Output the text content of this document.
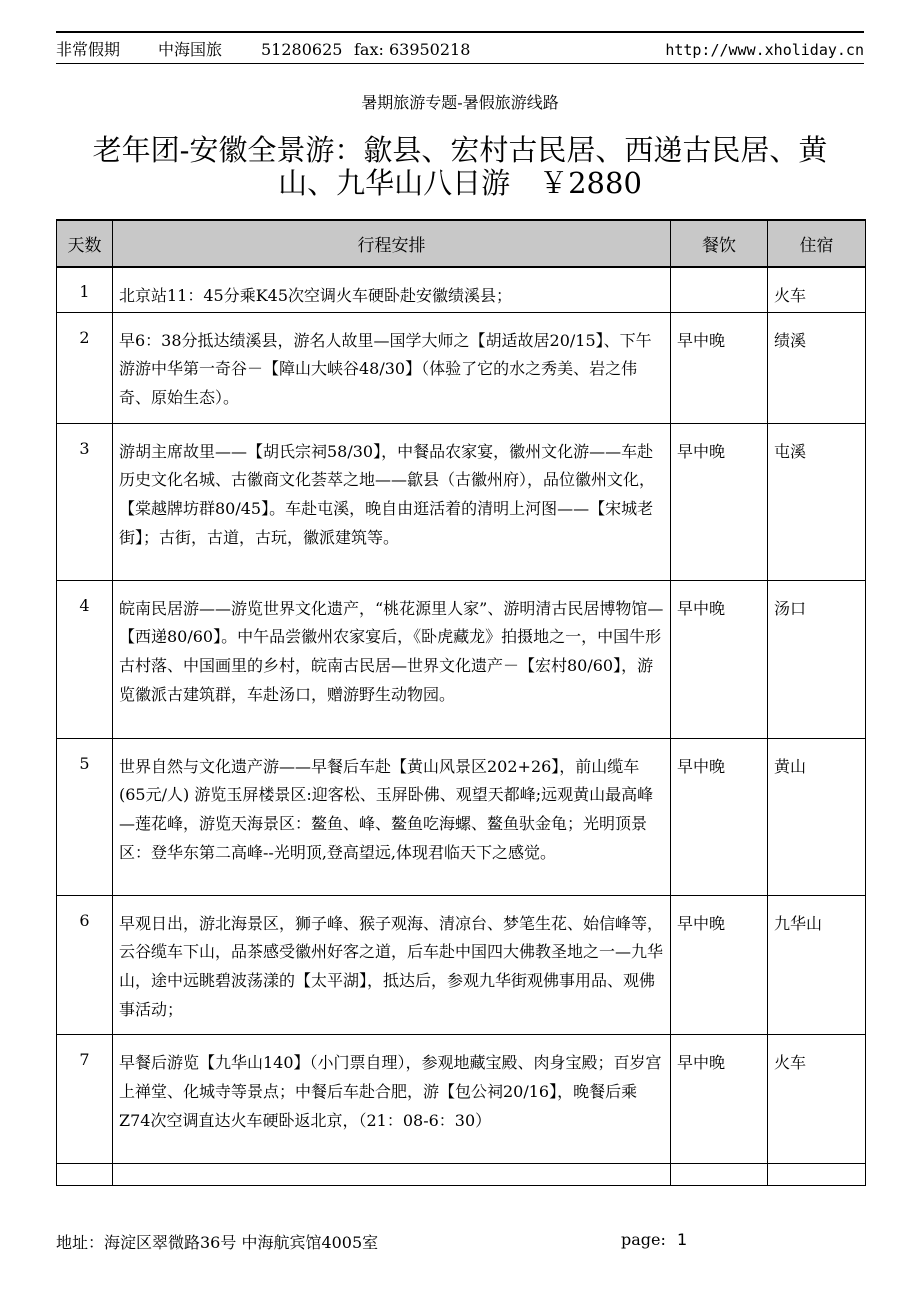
非常假期 中海国旅 51280625 fax: 63950218	http://www.xholiday.cn
暑期旅游专题-暑假旅游线路
老年团-安徽全景游：歙县、宏村古民居、西递古民居、黄
山、九华山八日游　￥2880
天数	行程安排	餐饮	住宿
1	北京站11：45分乘K45次空调火车硬卧赴安徽绩溪县；		火车
2	早6：38分抵达绩溪县，游名人故里—国学大师之【胡适故居20/15】、下午游游中华第一奇谷－【障山大峡谷48/30】（体验了它的水之秀美、岩之伟奇、原始生态）。	早中晚	绩溪
3	游胡主席故里——【胡氏宗祠58/30】，中餐品农家宴，徽州文化游——车赴历史文化名城、古徽商文化荟萃之地——歙县（古徽州府），品位徽州文化，【棠越牌坊群80/45】。车赴屯溪，晚自由逛活着的清明上河图——【宋城老街】；古街，古道，古玩，徽派建筑等。	早中晚	屯溪
4	皖南民居游——游览世界文化遗产，“桃花源里人家”、游明清古民居博物馆—【西递80/60】。中午品尝徽州农家宴后，《卧虎藏龙》拍摄地之一，中国牛形古村落、中国画里的乡村，皖南古民居—世界文化遗产－【宏村80/60】，游览徽派古建筑群，车赴汤口，赠游野生动物园。	早中晚	汤口
5	世界自然与文化遗产游——早餐后车赴【黄山风景区202+26】，前山缆车(65元/人) 游览玉屏楼景区:迎客松、玉屏卧佛、观望天都峰;远观黄山最高峰—莲花峰，游览天海景区：鳌鱼、峰、鳌鱼吃海螺、鳌鱼驮金龟；光明顶景区：登华东第二高峰--光明顶,登高望远,体现君临天下之感觉。	早中晚	黄山
6	早观日出，游北海景区，狮子峰、猴子观海、清凉台、梦笔生花、始信峰等，云谷缆车下山，品茶感受徽州好客之道，后车赴中国四大佛教圣地之一—九华山，途中远眺碧波荡漾的【太平湖】，抵达后，参观九华街观佛事用品、观佛事活动；	早中晚	九华山
7	早餐后游览【九华山140】（小门票自理），参观地藏宝殿、肉身宝殿；百岁宫上禅堂、化城寺等景点；中餐后车赴合肥，游【包公祠20/16】，晚餐后乘 Z74次空调直达火车硬卧返北京，（21：08-6：30）	早中晚	火车

地址：海淀区翠微路36号 中海航宾馆4005室	page: 1
